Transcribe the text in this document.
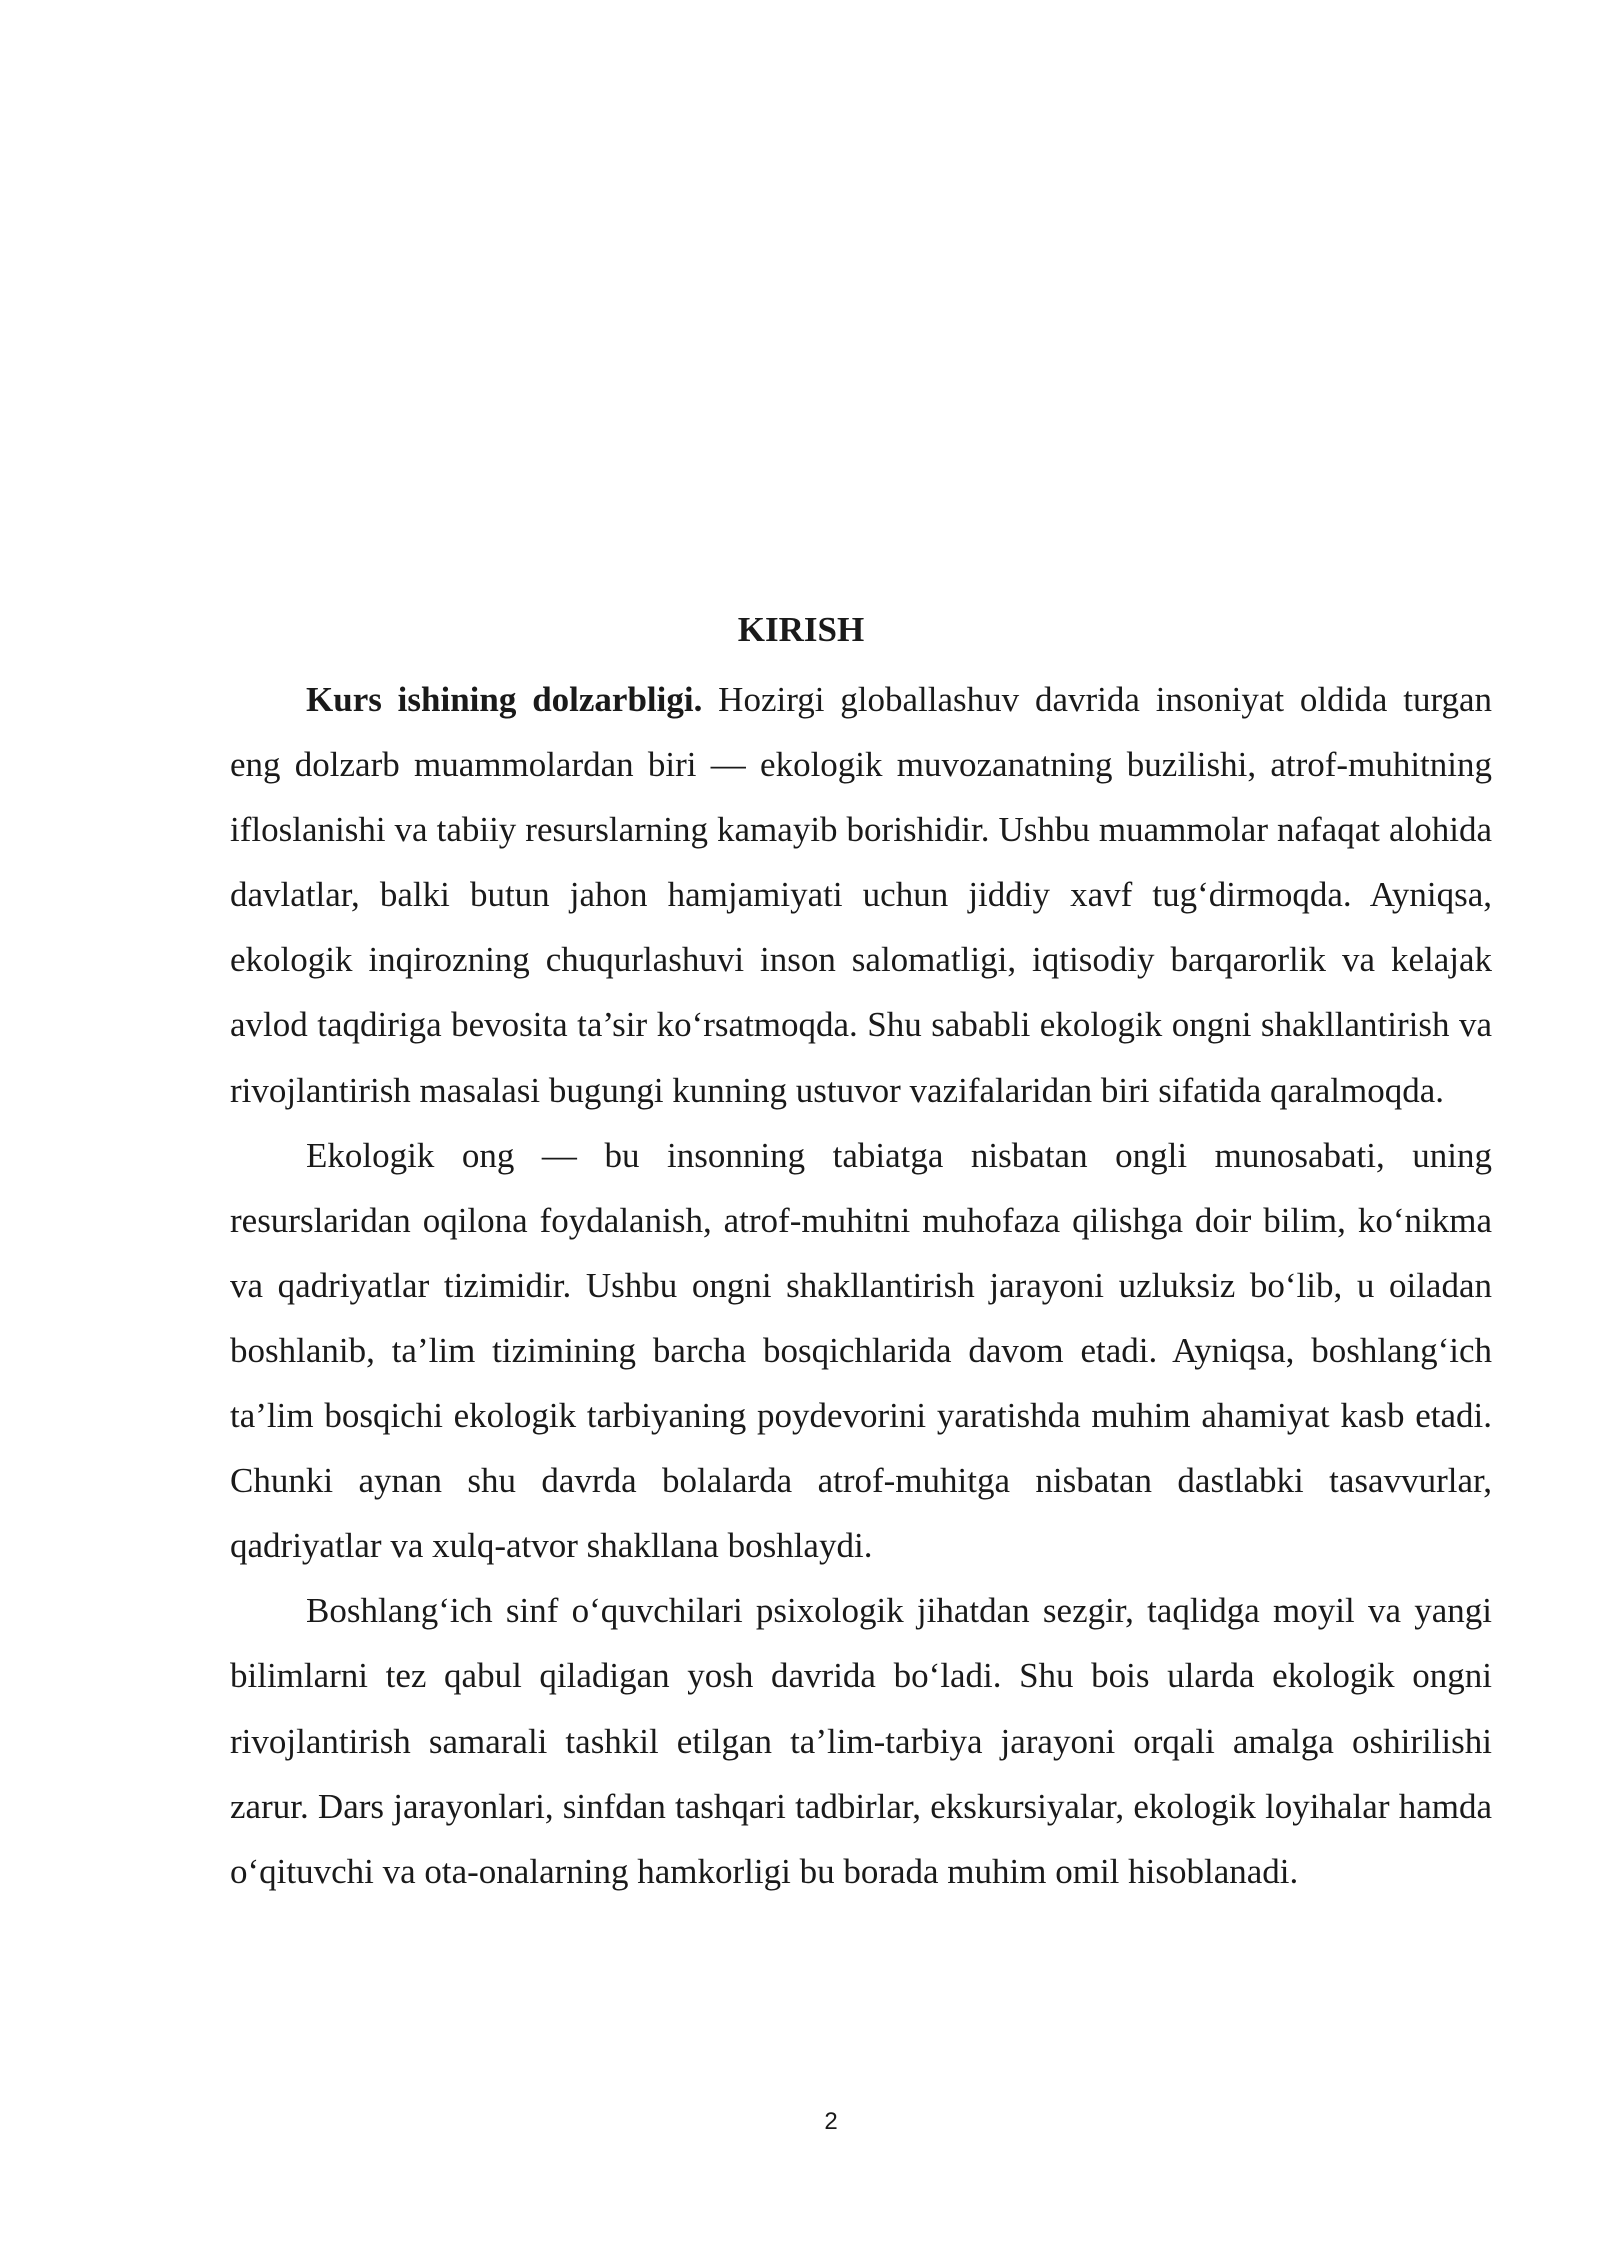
KIRISH

Kurs ishining dolzarbligi. Hozirgi globallashuv davrida insoniyat oldida turgan eng dolzarb muammolardan biri — ekologik muvozanatning buzilishi, atrof-muhitning ifloslanishi va tabiiy resurslarning kamayib borishidir. Ushbu muammolar nafaqat alohida davlatlar, balki butun jahon hamjamiyati uchun jiddiy xavf tug‘dirmoqda. Ayniqsa, ekologik inqirozning chuqurlashuvi inson salomatligi, iqtisodiy barqarorlik va kelajak avlod taqdiriga bevosita ta’sir ko‘rsatmoqda. Shu sababli ekologik ongni shakllantirish va rivojlantirish masalasi bugungi kunning ustuvor vazifalaridan biri sifatida qaralmoqda.

Ekologik ong — bu insonning tabiatga nisbatan ongli munosabati, uning resurslaridan oqilona foydalanish, atrof-muhitni muhofaza qilishga doir bilim, ko‘nikma va qadriyatlar tizimidir. Ushbu ongni shakllantirish jarayoni uzluksiz bo‘lib, u oiladan boshlanib, ta’lim tizimining barcha bosqichlarida davom etadi. Ayniqsa, boshlang‘ich ta’lim bosqichi ekologik tarbiyaning poydevorini yaratishda muhim ahamiyat kasb etadi. Chunki aynan shu davrda bolalarda atrof-muhitga nisbatan dastlabki tasavvurlar, qadriyatlar va xulq-atvor shakllana boshlaydi.

Boshlang‘ich sinf o‘quvchilari psixologik jihatdan sezgir, taqlidga moyil va yangi bilimlarni tez qabul qiladigan yosh davrida bo‘ladi. Shu bois ularda ekologik ongni rivojlantirish samarali tashkil etilgan ta’lim-tarbiya jarayoni orqali amalga oshirilishi zarur. Dars jarayonlari, sinfdan tashqari tadbirlar, ekskursiyalar, ekologik loyihalar hamda o‘qituvchi va ota-onalarning hamkorligi bu borada muhim omil hisoblanadi.

2
